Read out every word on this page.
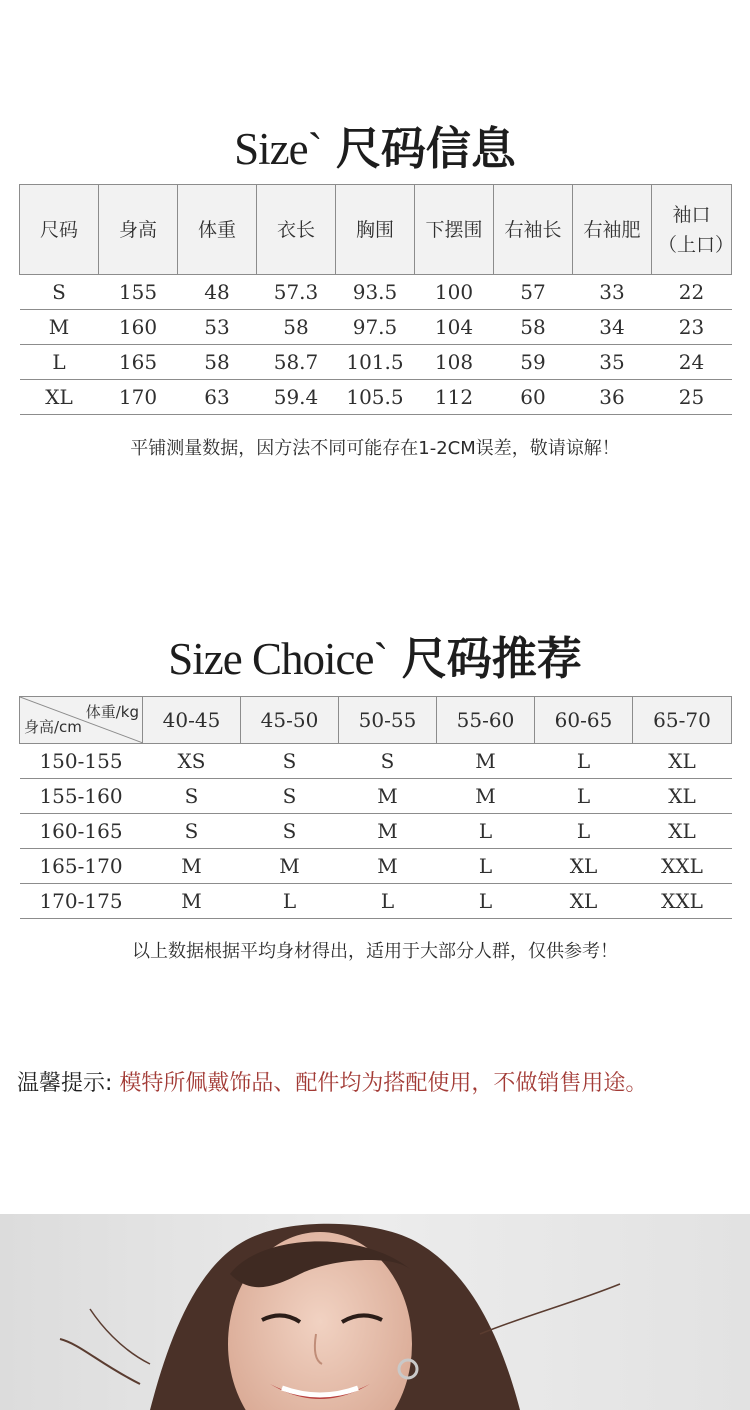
Size` 尺码信息
尺码	身高	体重	衣长	胸围	下摆围	右袖长	右袖肥	袖口（上口）
S	155	48	57.3	93.5	100	57	33	22
M	160	53	58	97.5	104	58	34	23
L	165	58	58.7	101.5	108	59	35	24
XL	170	63	59.4	105.5	112	60	36	25
平铺测量数据，因方法不同可能存在1-2CM误差，敬请谅解！
Size Choice` 尺码推荐
体重/kg
身高/cm	40-45	45-50	50-55	55-60	60-65	65-70
150-155	XS	S	S	M	L	XL
155-160	S	S	M	M	L	XL
160-165	S	S	M	L	L	XL
165-170	M	M	M	L	XL	XXL
170-175	M	L	L	L	XL	XXL
以上数据根据平均身材得出，适用于大部分人群，仅供参考！
温馨提示: 模特所佩戴饰品、配件均为搭配使用，不做销售用途。
